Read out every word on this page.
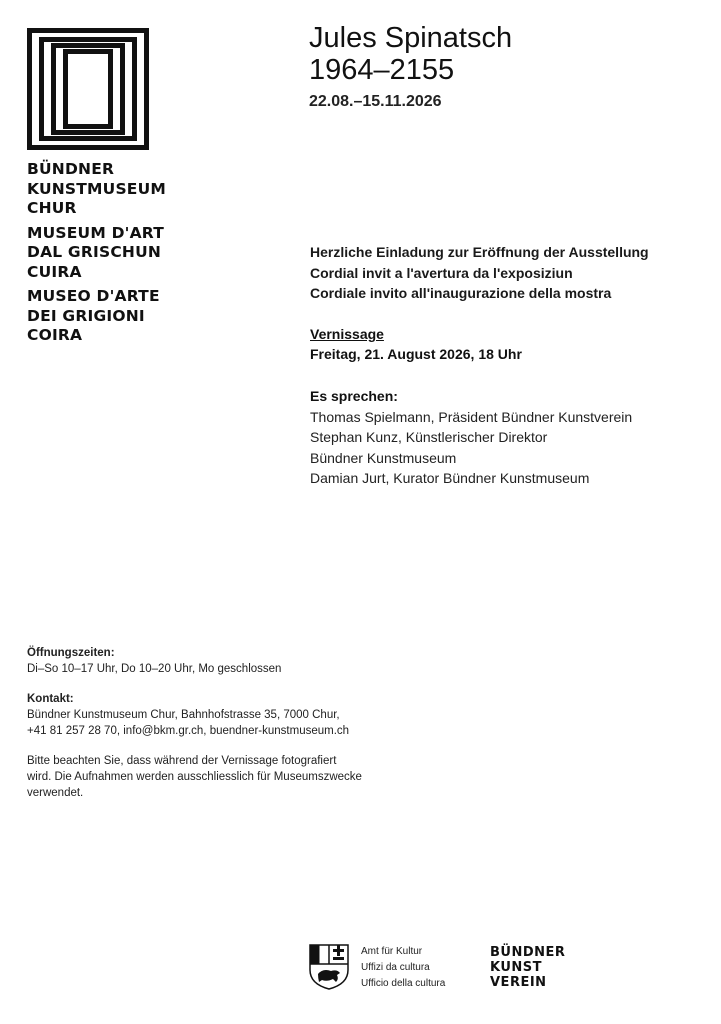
BÜNDNER
KUNSTMUSEUM
CHUR
MUSEUM D'ART
DAL GRISCHUN
CUIRA
MUSEO D'ARTE
DEI GRIGIONI
COIRA
Jules Spinatsch
1964–2155
22.08.–15.11.2026
Herzliche Einladung zur Eröffnung der Ausstellung
Cordial invit a l'avertura da l'exposiziun
Cordiale invito all'inaugurazione della mostra
Vernissage
Freitag, 21. August 2026, 18 Uhr
Es sprechen:
Thomas Spielmann, Präsident Bündner Kunstverein
Stephan Kunz, Künstlerischer Direktor
Bündner Kunstmuseum
Damian Jurt, Kurator Bündner Kunstmuseum
Öffnungszeiten:
Di–So 10–17 Uhr, Do 10–20 Uhr, Mo geschlossen
Kontakt:
Bündner Kunstmuseum Chur, Bahnhofstrasse 35, 7000 Chur,
+41 81 257 28 70, info@bkm.gr.ch, buendner-kunstmuseum.ch
Bitte beachten Sie, dass während der Vernissage fotografiert
wird. Die Aufnahmen werden ausschliesslich für Museumszwecke
verwendet.
Amt für Kultur
Uffizi da cultura
Ufficio della cultura
BÜNDNER
KUNST
VEREIN
